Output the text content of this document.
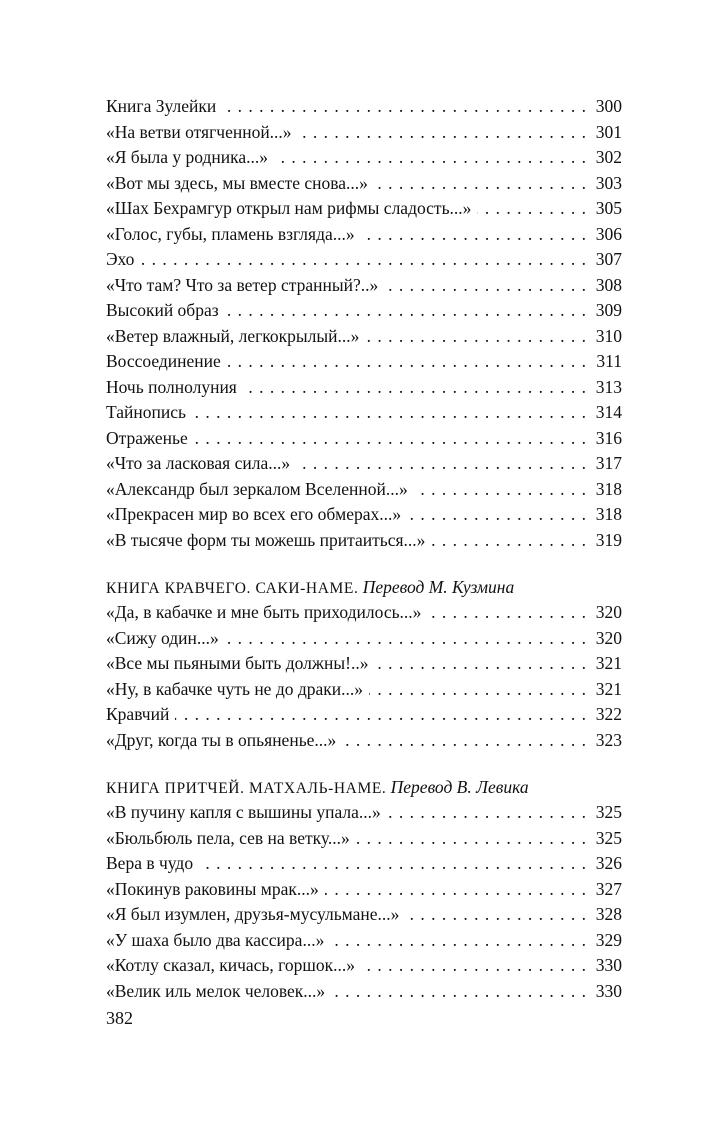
Книга Зулейки . . .	300
«На ветви отягченной...» . . .	301
«Я была у родника...» . . .	302
«Вот мы здесь, мы вместе снова...» . . .	303
«Шах Бехрамгур открыл нам рифмы сладость...» . . .	305
«Голос, губы, пламень взгляда...» . . .	306
Эхо . . .	307
«Что там? Что за ветер странный?..» . . .	308
Высокий образ . . .	309
«Ветер влажный, легкокрылый...» . . .	310
Воссоединение . . .	311
Ночь полнолуния . . .	313
Тайнопись . . .	314
Отраженье . . .	316
«Что за ласковая сила...» . . .	317
«Александр был зеркалом Вселенной...» . . .	318
«Прекрасен мир во всех его обмерах...» . . .	318
«В тысяче форм ты можешь притаиться...» . . .	319
КНИГА КРАВЧЕГО. САКИ-НАМЕ. Перевод М. Кузмина
«Да, в кабачке и мне быть приходилось...» . . .	320
«Сижу один...» . . .	320
«Все мы пьяными быть должны!..» . . .	321
«Ну, в кабачке чуть не до драки...» . . .	321
Кравчий . . .	322
«Друг, когда ты в опьяненье...» . . .	323
КНИГА ПРИТЧЕЙ. МАТХАЛЬ-НАМЕ. Перевод В. Левика
«В пучину капля с вышины упала...» . . .	325
«Бюльбюль пела, сев на ветку...» . . .	325
Вера в чудо . . .	326
«Покинув раковины мрак...» . . .	327
«Я был изумлен, друзья-мусульмане...» . . .	328
«У шаха было два кассира...» . . .	329
«Котлу сказал, кичась, горшок...» . . .	330
«Велик иль мелок человек...» . . .	330
382
